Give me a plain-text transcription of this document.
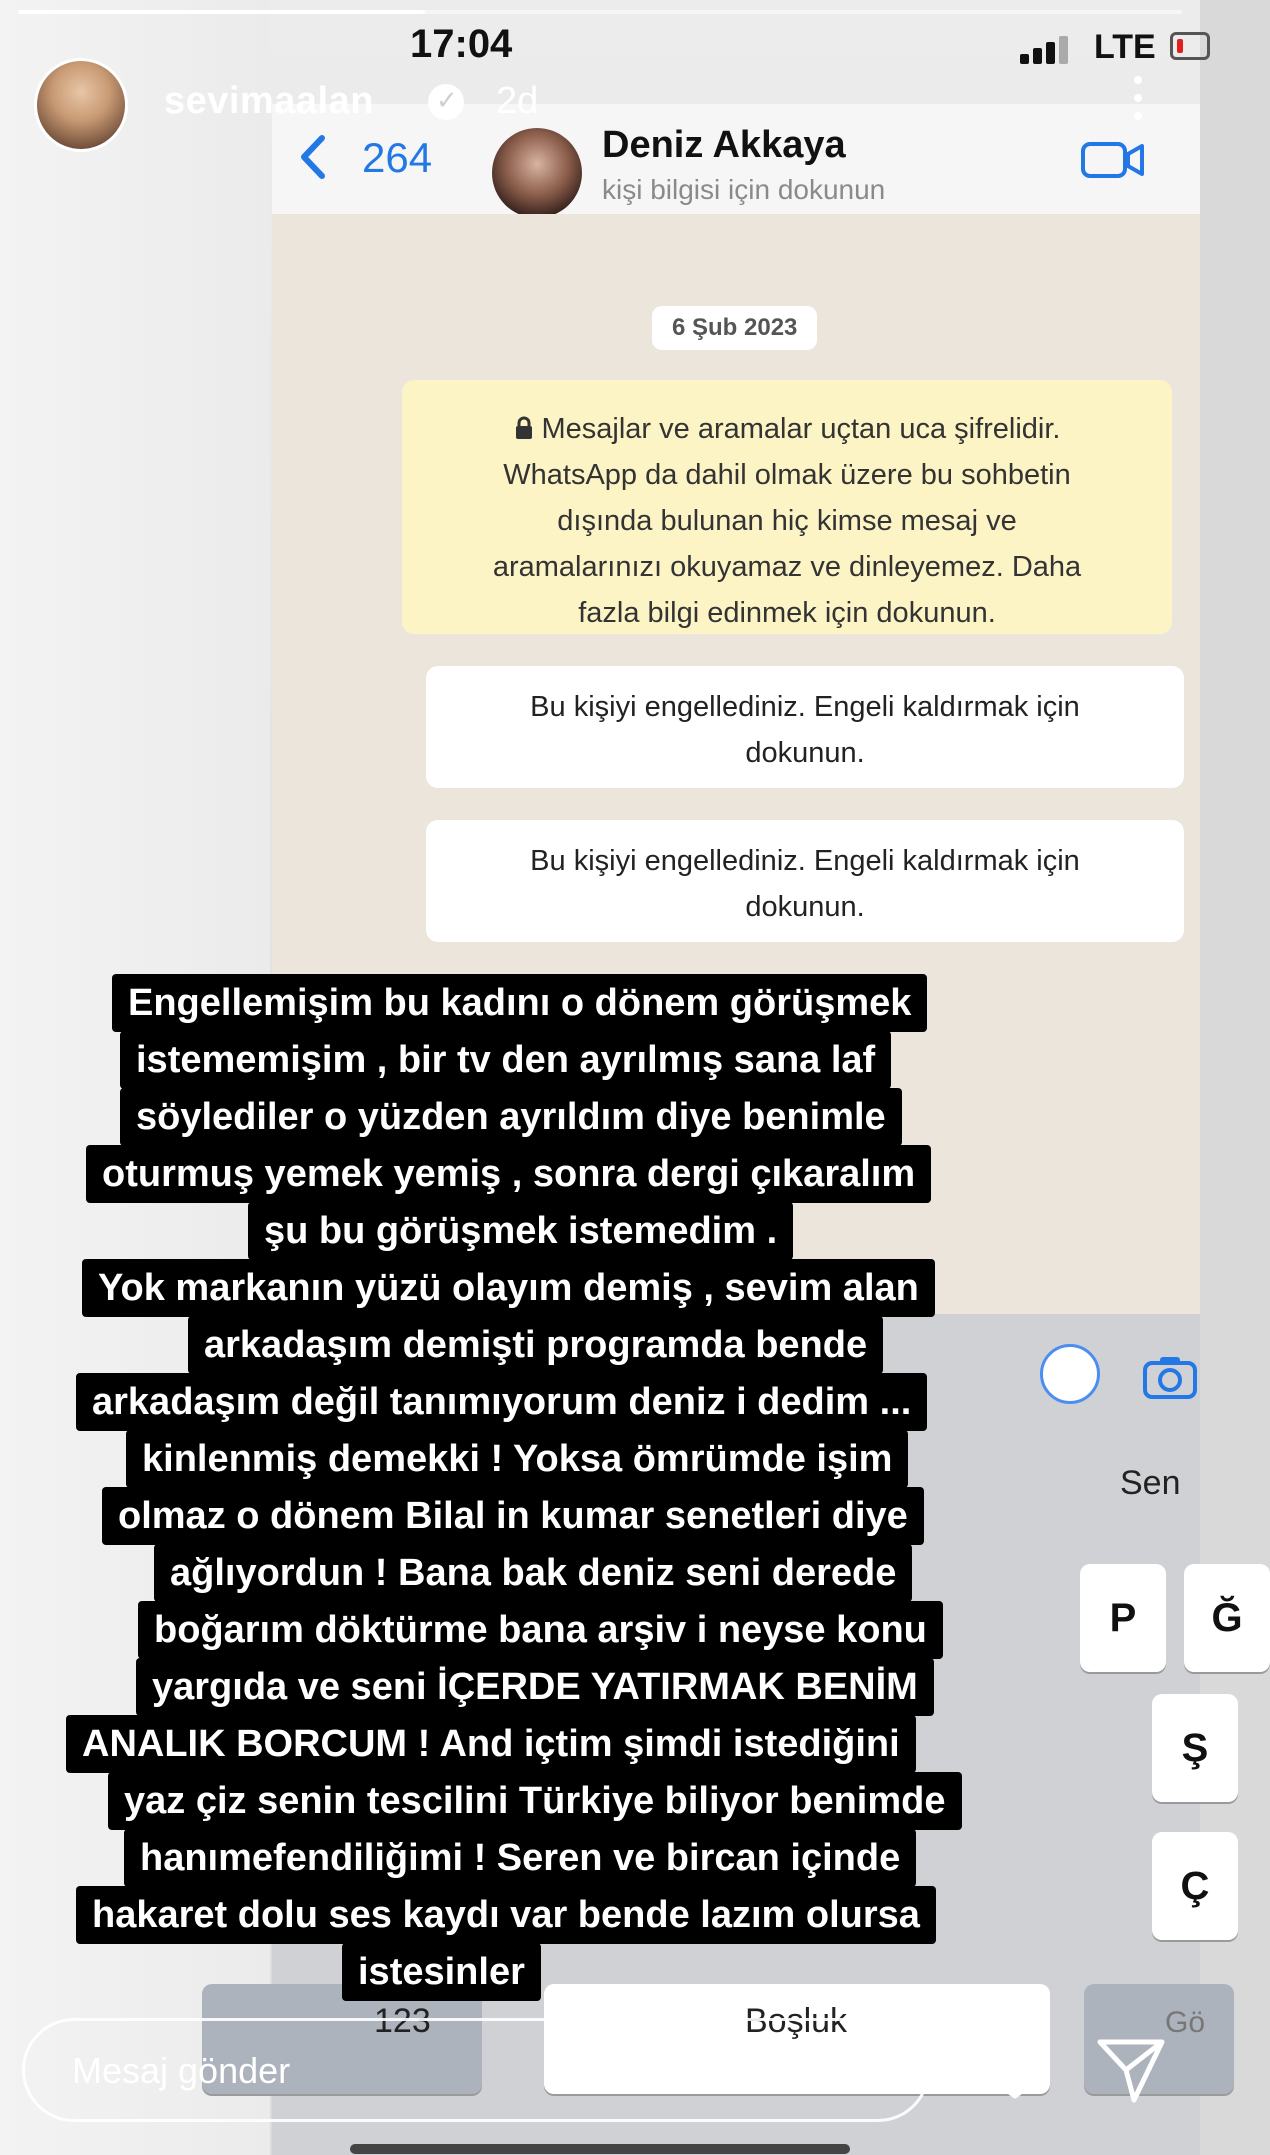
264	Deniz Akkaya
kişi bilgisi için dokunun
6 Şub 2023
Mesajlar ve aramalar uçtan uca şifrelidir.
WhatsApp da dahil olmak üzere bu sohbetin
dışında bulunan hiç kimse mesaj ve
aramalarınızı okuyamaz ve dinleyemez. Daha
fazla bilgi edinmek için dokunun.
Bu kişiyi engellediniz. Engeli kaldırmak için
dokunun.
Bu kişiyi engellediniz. Engeli kaldırmak için
dokunun.
Sen
P	Ğ
Ş
Ç
123	Boşluk	Gö
17:04	LTE
sevimaalan
✓	2d
Engellemişim bu kadını o dönem görüşmek
istememişim , bir tv den ayrılmış sana laf
söylediler o yüzden ayrıldım diye benimle
oturmuş yemek yemiş , sonra dergi çıkaralım
şu bu görüşmek istemedim .
Yok markanın yüzü olayım demiş , sevim alan
arkadaşım demişti programda bende
arkadaşım değil tanımıyorum deniz i dedim ...
kinlenmiş demekki ! Yoksa ömrümde işim
olmaz o dönem Bilal in kumar senetleri diye
ağlıyordun ! Bana bak deniz seni derede
boğarım döktürme bana arşiv i neyse konu
yargıda ve seni İÇERDE YATIRMAK BENİM
ANALIK BORCUM ! And içtim şimdi istediğini
yaz çiz senin tescilini Türkiye biliyor benimde
hanımefendiliğimi ! Seren ve bircan içinde
hakaret dolu ses kaydı var bende lazım olursa
istesinler
Mesaj gönder
